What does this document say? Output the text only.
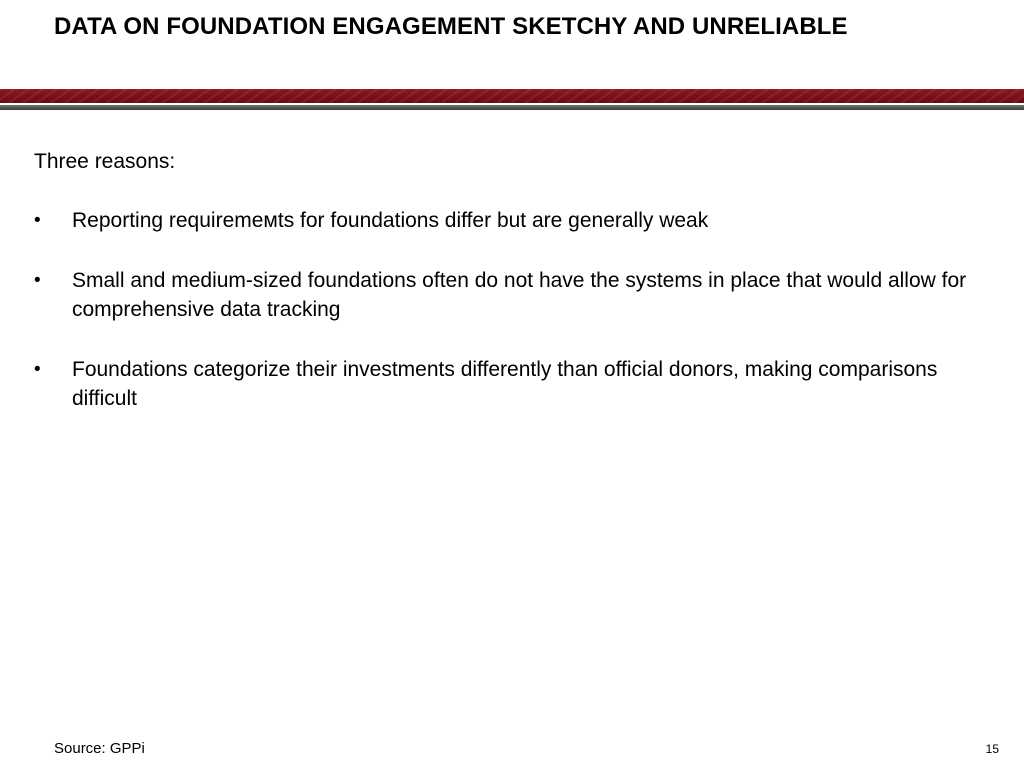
DATA ON FOUNDATION ENGAGEMENT SKETCHY AND UNRELIABLE

Three reasons:

•	Reporting requiremeмts for foundations differ but are generally weak
•	Small and medium-sized foundations often do not have the systems in place that would allow for comprehensive data tracking
•	Foundations categorize their investments differently than official donors, making comparisons difficult
Source: GPPi	15
